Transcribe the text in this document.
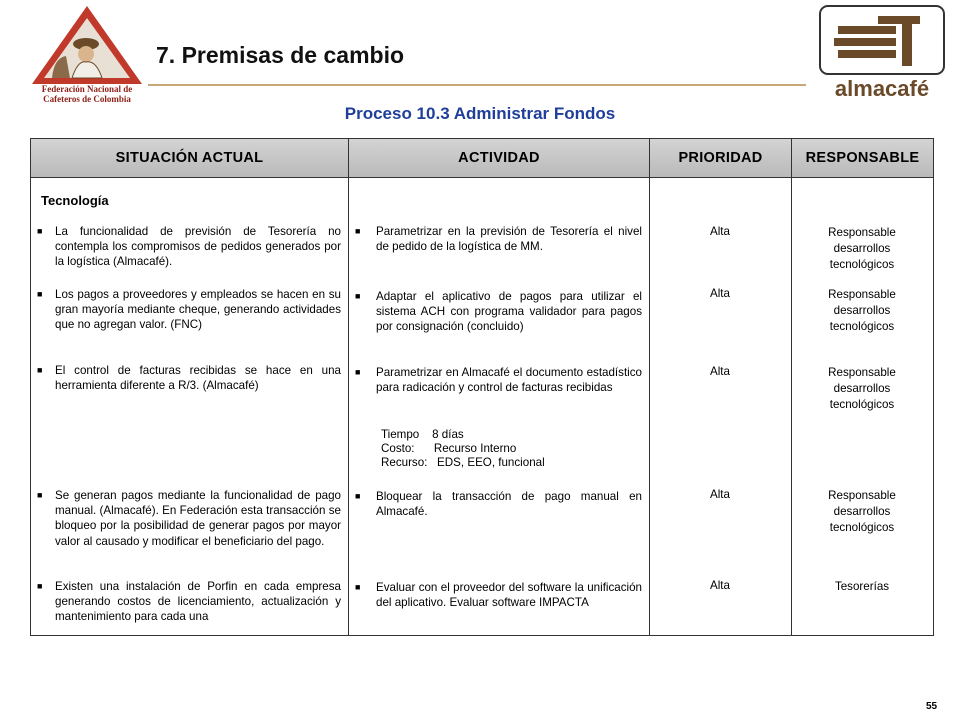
Federación Nacional de
Cafeteros de Colombia
7. Premisas de cambio
almacafé
Proceso 10.3 Administrar Fondos
SITUACIÓN ACTUAL	ACTIVIDAD	PRIORIDAD	RESPONSABLE
Tecnología
■ La funcionalidad de previsión de Tesorería no contempla los compromisos de pedidos generados por la logística (Almacafé).
■ Parametrizar en la previsión de Tesorería el nivel de pedido de la logística de MM.
Alta	Responsable
desarrollos
tecnológicos
■ Los pagos a proveedores y empleados se hacen en su gran mayoría mediante cheque, generando actividades que no agregan valor. (FNC)
■ Adaptar el aplicativo de pagos para utilizar el sistema ACH con programa validador para pagos por consignación (concluido)
Alta	Responsable
desarrollos
tecnológicos
■ El control de facturas recibidas se hace en una herramienta diferente a R/3. (Almacafé)
■ Parametrizar en Almacafé el documento estadístico para radicación y control de facturas recibidas
Alta	Responsable
desarrollos
tecnológicos
Tiempo    8 días
Costo:      Recurso Interno
Recurso:   EDS, EEO, funcional
■ Se generan pagos mediante la funcionalidad de pago manual. (Almacafé). En Federación esta transacción se bloqueo por la posibilidad de generar pagos por mayor valor al causado y modificar el beneficiario del pago.
■ Bloquear la transacción de pago manual en Almacafé.
Alta	Responsable
desarrollos
tecnológicos
■ Existen una instalación de Porfin en cada empresa generando costos de licenciamiento, actualización y mantenimiento para cada una
■ Evaluar con el proveedor del software la unificación del aplicativo. Evaluar software IMPACTA
Alta	Tesorerías
55
